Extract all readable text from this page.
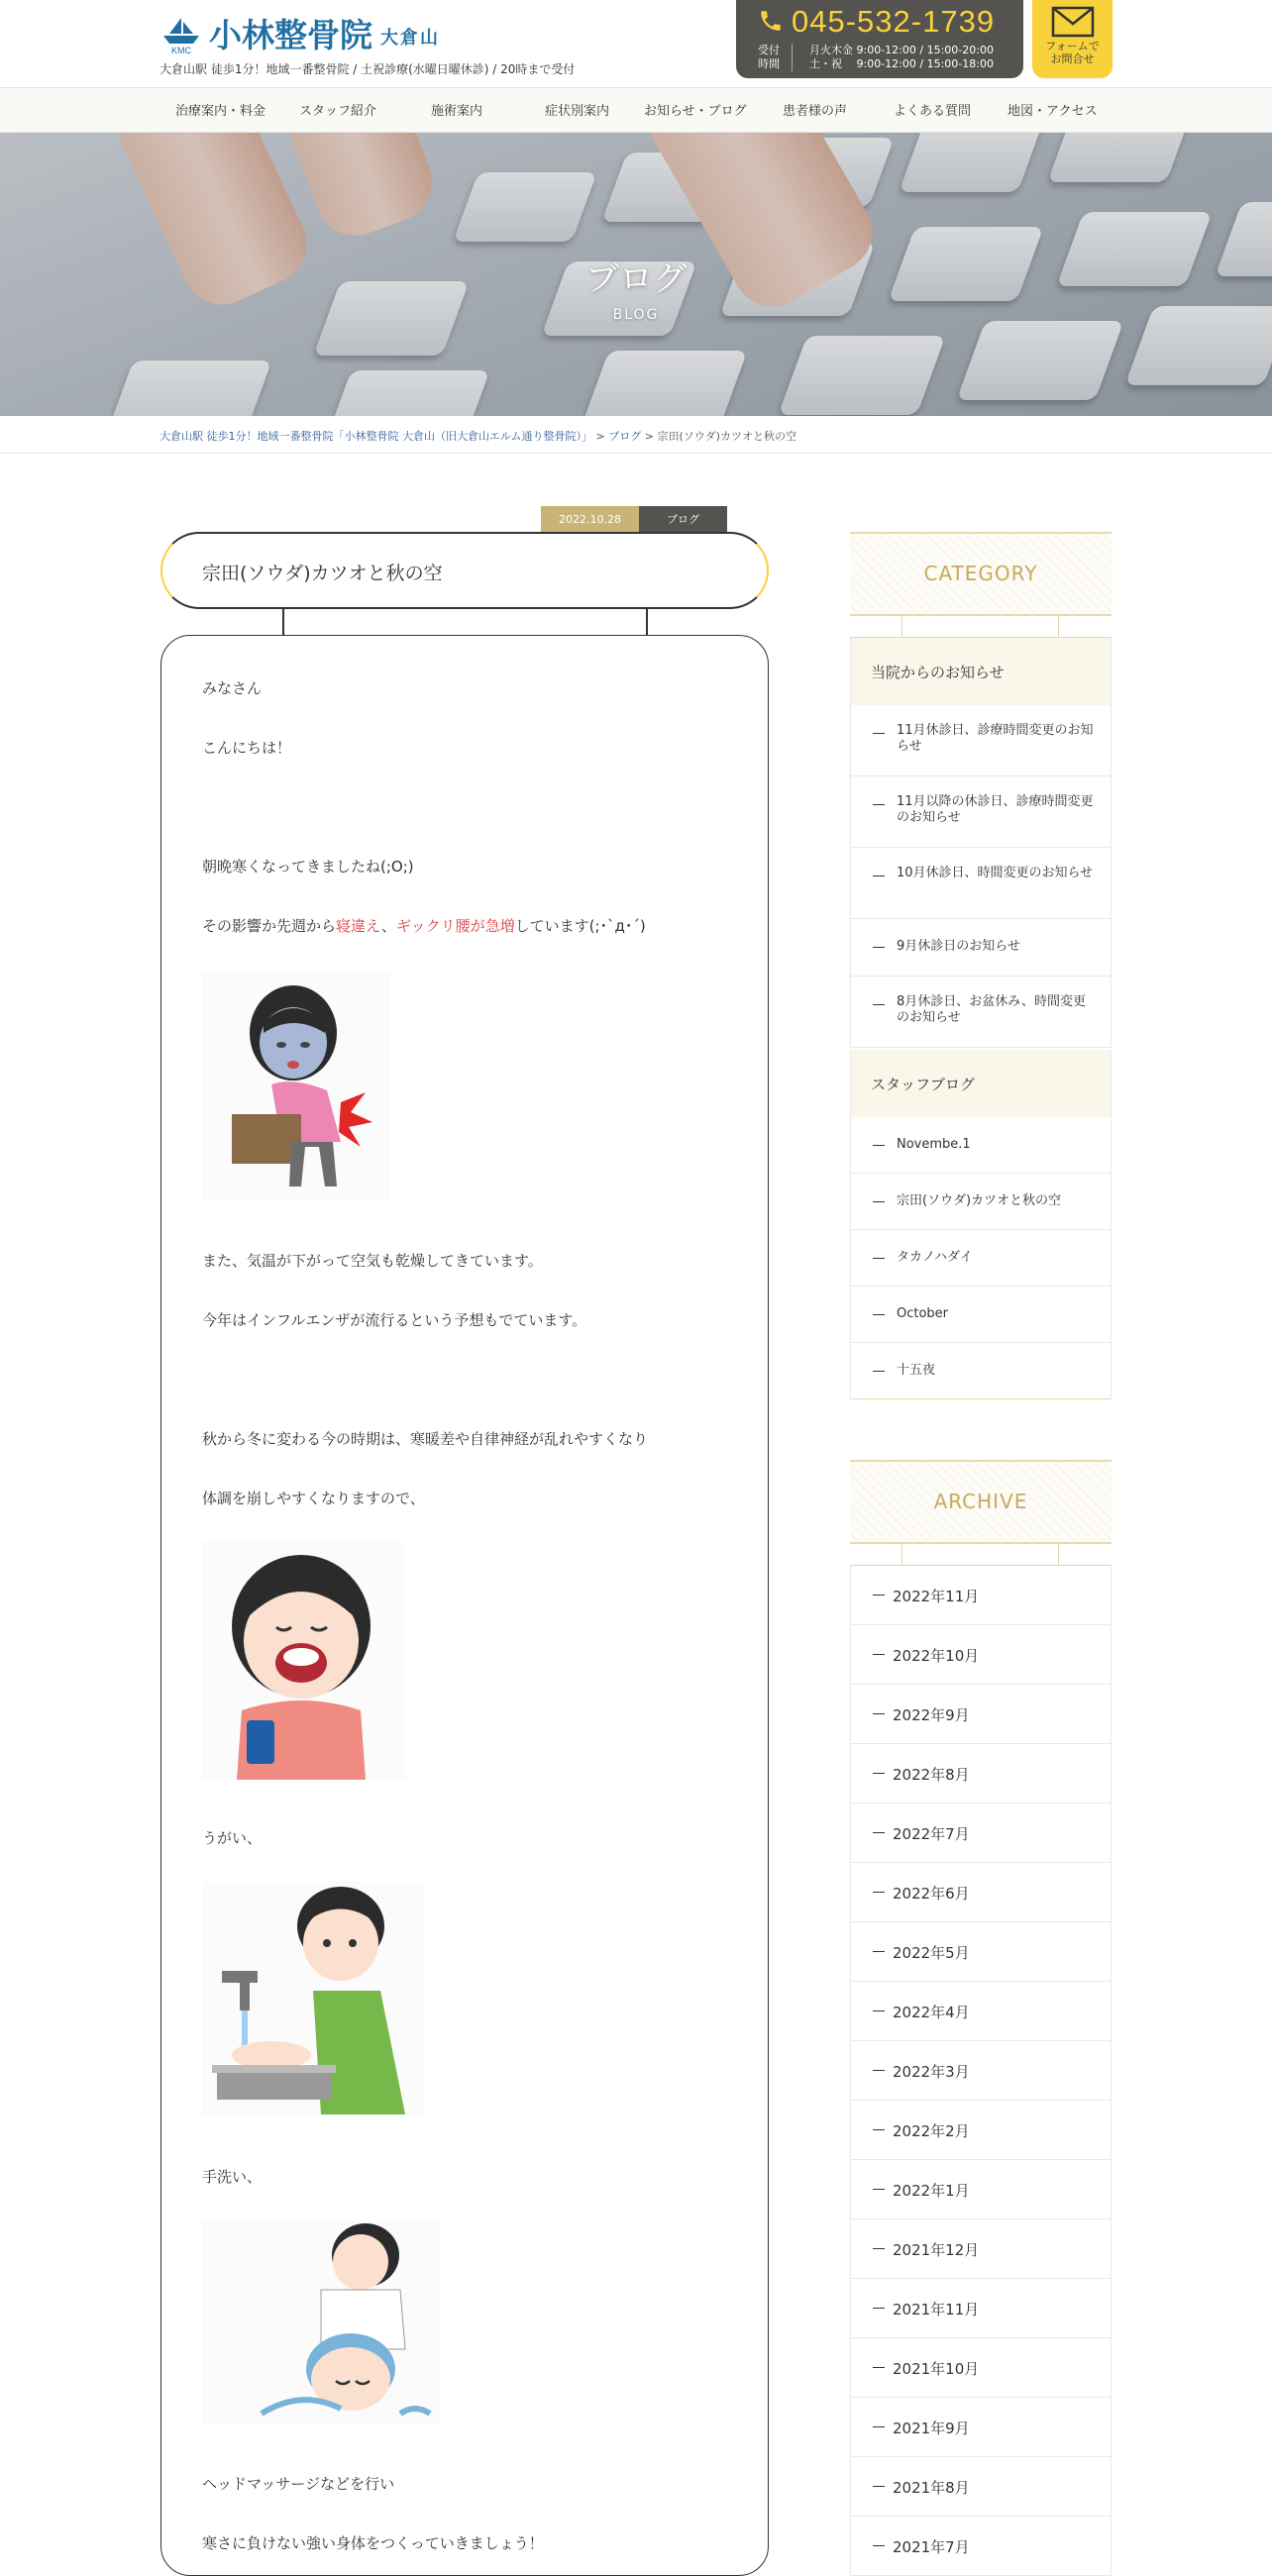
KMC 小林整骨院 大倉山
大倉山駅 徒歩1分！地域一番整骨院 / 土祝診療(水曜日曜休診) / 20時まで受付
045-532-1739
受付 時間
月火木金 9:00-12:00 / 15:00-20:00
土・祝　 9:00-12:00 / 15:00-18:00
フォームで
お問合せ
治療案内・料金	スタッフ紹介	施術案内	症状別案内	お知らせ・ブログ	患者様の声	よくある質問	地図・アクセス
ブログ
BLOG
大倉山駅 徒歩1分！地域一番整骨院「小林整骨院 大倉山（旧大倉山エルム通り整骨院）」 > ブログ > 宗田(ソウダ)カツオと秋の空
2022.10.28	ブログ
宗田(ソウダ)カツオと秋の空
みなさん
こんにちは！
朝晩寒くなってきましたね(;O;)
その影響か先週から寝違え、ギックリ腰が急増しています(;･`д･´)
また、気温が下がって空気も乾燥してきています。
今年はインフルエンザが流行るという予想もでています。
秋から冬に変わる今の時期は、寒暖差や自律神経が乱れやすくなり
体調を崩しやすくなりますので、
うがい、
手洗い、
ヘッドマッサージなどを行い
寒さに負けない強い身体をつくっていきましょう！
CATEGORY
当院からのお知らせ
11月休診日、診療時間変更のお知らせ
11月以降の休診日、診療時間変更のお知らせ
10月休診日、時間変更のお知らせ
9月休診日のお知らせ
8月休診日、お盆休み、時間変更のお知らせ
スタッフブログ
Novembe.1
宗田(ソウダ)カツオと秋の空
タカノハダイ
October
十五夜
ARCHIVE
2022年11月
2022年10月
2022年9月
2022年8月
2022年7月
2022年6月
2022年5月
2022年4月
2022年3月
2022年2月
2022年1月
2021年12月
2021年11月
2021年10月
2021年9月
2021年8月
2021年7月
